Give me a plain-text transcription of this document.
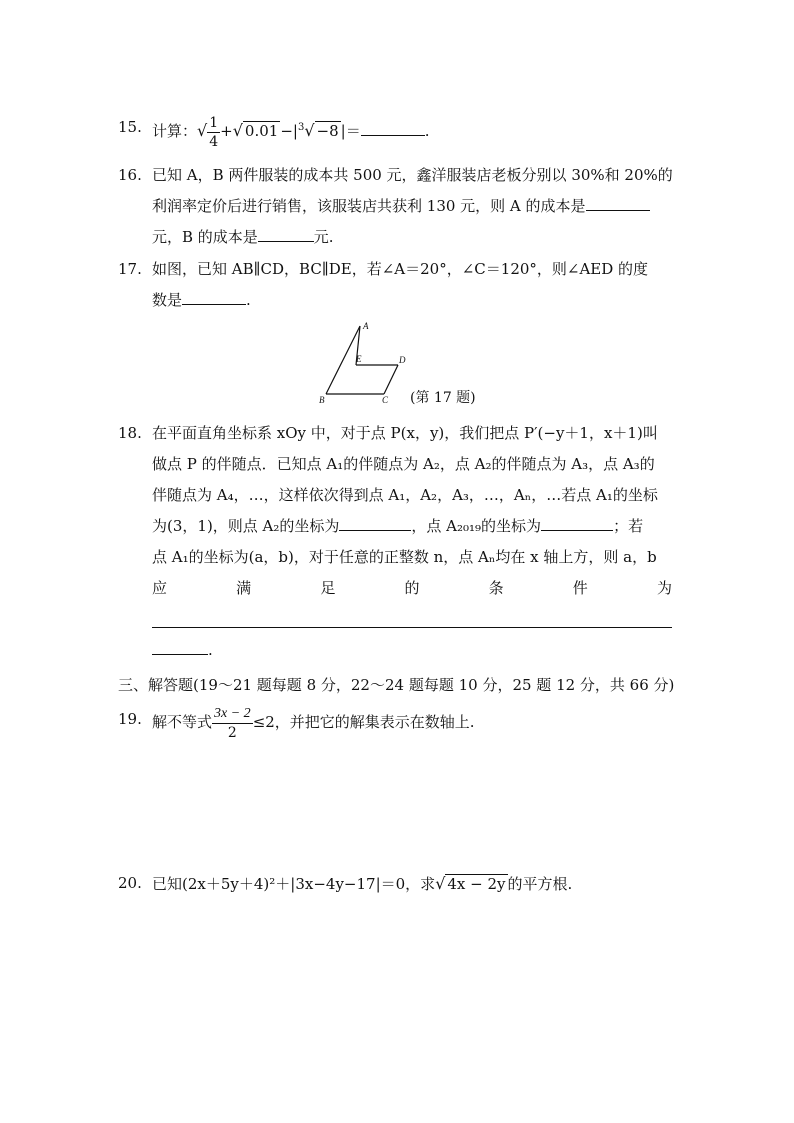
15. 计算：√ $\frac{1}{4}$ +√ $0.01 -|^3√ -8$ |＝	.
16. 已知 A，B 两件服装的成本共 500 元，鑫洋服装店老板分别以 30%和 20%的
利润率定价后进行销售，该服装店共获利 130 元，则 A 的成本是
元，B 的成本是	元.
17. 如图，已知 AB∥CD，BC∥DE，若∠A＝20°，∠C＝120°，则∠AED 的度
数是	.
A
E	D
B	C (第 17 题)
18. 在平面直角坐标系 xOy 中，对于点 P(x，y)，我们把点 P′(−y＋1，x＋1)叫
做点 P 的伴随点．已知点 A₁的伴随点为 A₂，点 A₂的伴随点为 A₃，点 A₃的
伴随点为 A₄，…，这样依次得到点 A₁，A₂，A₃，…，Aₙ，…若点 A₁的坐标
为(3，1)，则点 A₂的坐标为	，点 A₂₀₁₉的坐标为	；若
点 A₁的坐标为(a，b)，对于任意的正整数 n，点 Aₙ均在 x 轴上方，则 a，b
应	满	足	的	条	件	为
.
三、解答题(19～21 题每题 8 分，22～24 题每题 10 分，25 题 12 分，共 66 分)
19. 解不等式 $\frac{3x - 2}{2} \le 2$，并把它的解集表示在数轴上.
20. 已知(2x＋5y＋4)²＋|3x−4y−17|＝0，求√ 4x − 2y 的平方根.
